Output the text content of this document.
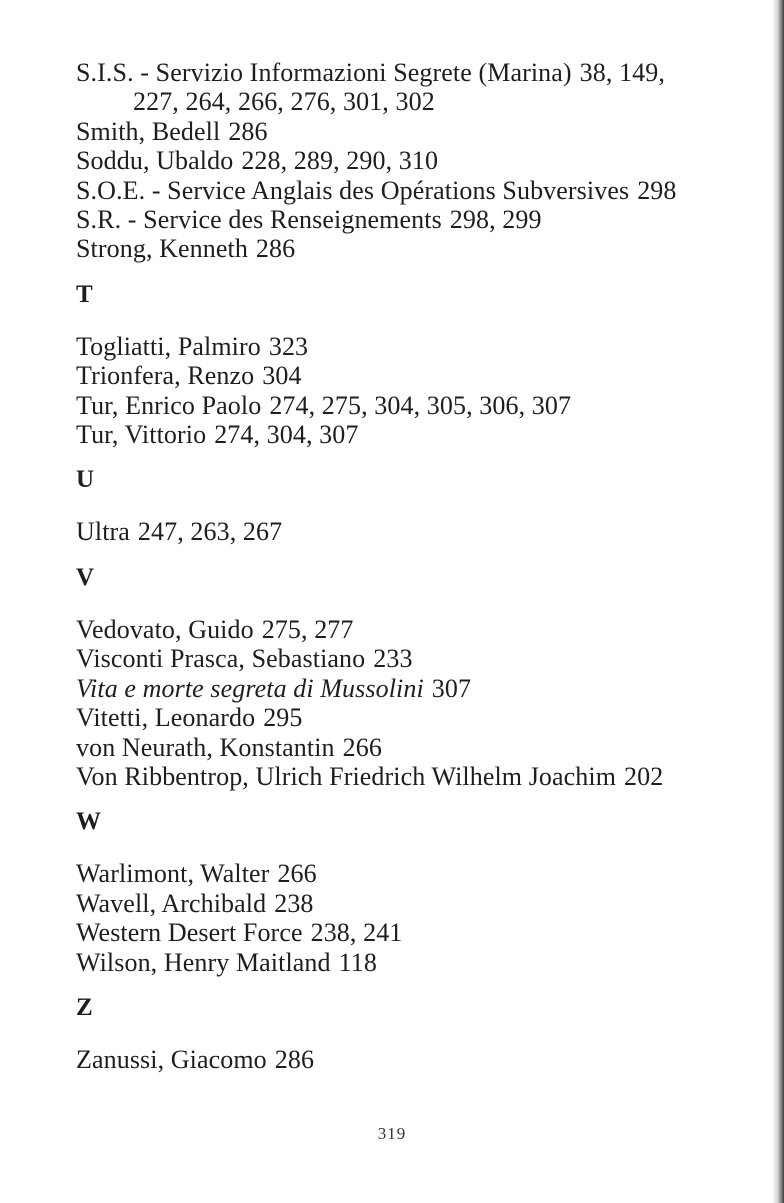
S.I.S. - Servizio Informazioni Segrete (Marina) 38, 149,
227, 264, 266, 276, 301, 302
Smith, Bedell 286
Soddu, Ubaldo 228, 289, 290, 310
S.O.E. - Service Anglais des Opérations Subversives 298
S.R. - Service des Renseignements 298, 299
Strong, Kenneth 286
T
Togliatti, Palmiro 323
Trionfera, Renzo 304
Tur, Enrico Paolo 274, 275, 304, 305, 306, 307
Tur, Vittorio 274, 304, 307
U
Ultra 247, 263, 267
V
Vedovato, Guido 275, 277
Visconti Prasca, Sebastiano 233
Vita e morte segreta di Mussolini 307
Vitetti, Leonardo 295
von Neurath, Konstantin 266
Von Ribbentrop, Ulrich Friedrich Wilhelm Joachim 202
W
Warlimont, Walter 266
Wavell, Archibald 238
Western Desert Force 238, 241
Wilson, Henry Maitland 118
Z
Zanussi, Giacomo 286
319
